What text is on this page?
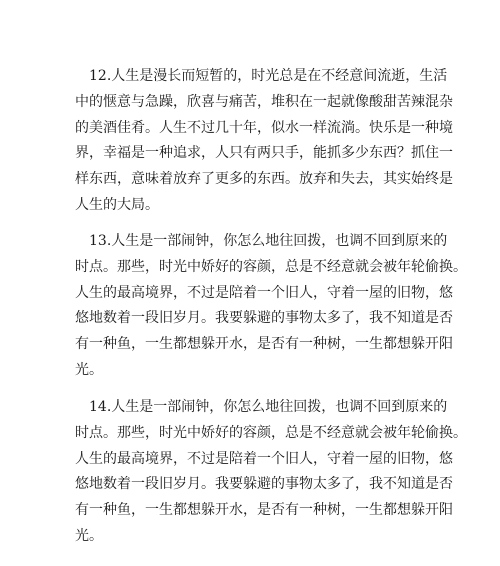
　12.人生是漫长而短暂的，时光总是在不经意间流逝，生活
中的惬意与急躁，欣喜与痛苦，堆积在一起就像酸甜苦辣混杂
的美酒佳肴。人生不过几十年，似水一样流淌。快乐是一种境
界，幸福是一种追求，人只有两只手，能抓多少东西？抓住一
样东西，意味着放弃了更多的东西。放弃和失去，其实始终是
人生的大局。
　13.人生是一部闹钟，你怎么地往回拨，也调不回到原来的
时点。那些，时光中娇好的容颜，总是不经意就会被年轮偷换。
人生的最高境界，不过是陪着一个旧人，守着一屋的旧物，悠
悠地数着一段旧岁月。我要躲避的事物太多了，我不知道是否
有一种鱼，一生都想躲开水，是否有一种树，一生都想躲开阳
光。
　14.人生是一部闹钟，你怎么地往回拨，也调不回到原来的
时点。那些，时光中娇好的容颜，总是不经意就会被年轮偷换。
人生的最高境界，不过是陪着一个旧人，守着一屋的旧物，悠
悠地数着一段旧岁月。我要躲避的事物太多了，我不知道是否
有一种鱼，一生都想躲开水，是否有一种树，一生都想躲开阳
光。
